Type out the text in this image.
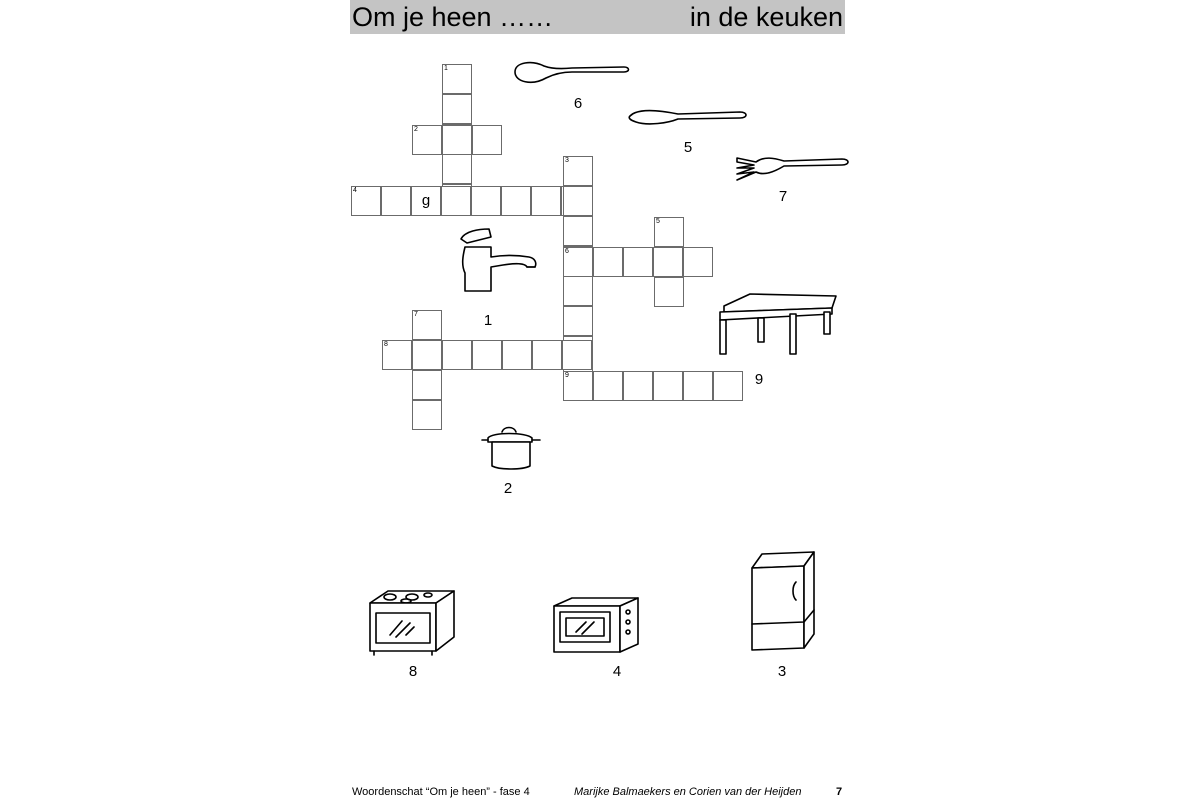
Om je heen ……	in de keuken
1
2
4
g
3
5
6
7
8
9
6
5
7
1
9
2
8	4	3
Woordenschat “Om je heen” - fase 4	Marijke Balmaekers en Corien van der Heijden	7
